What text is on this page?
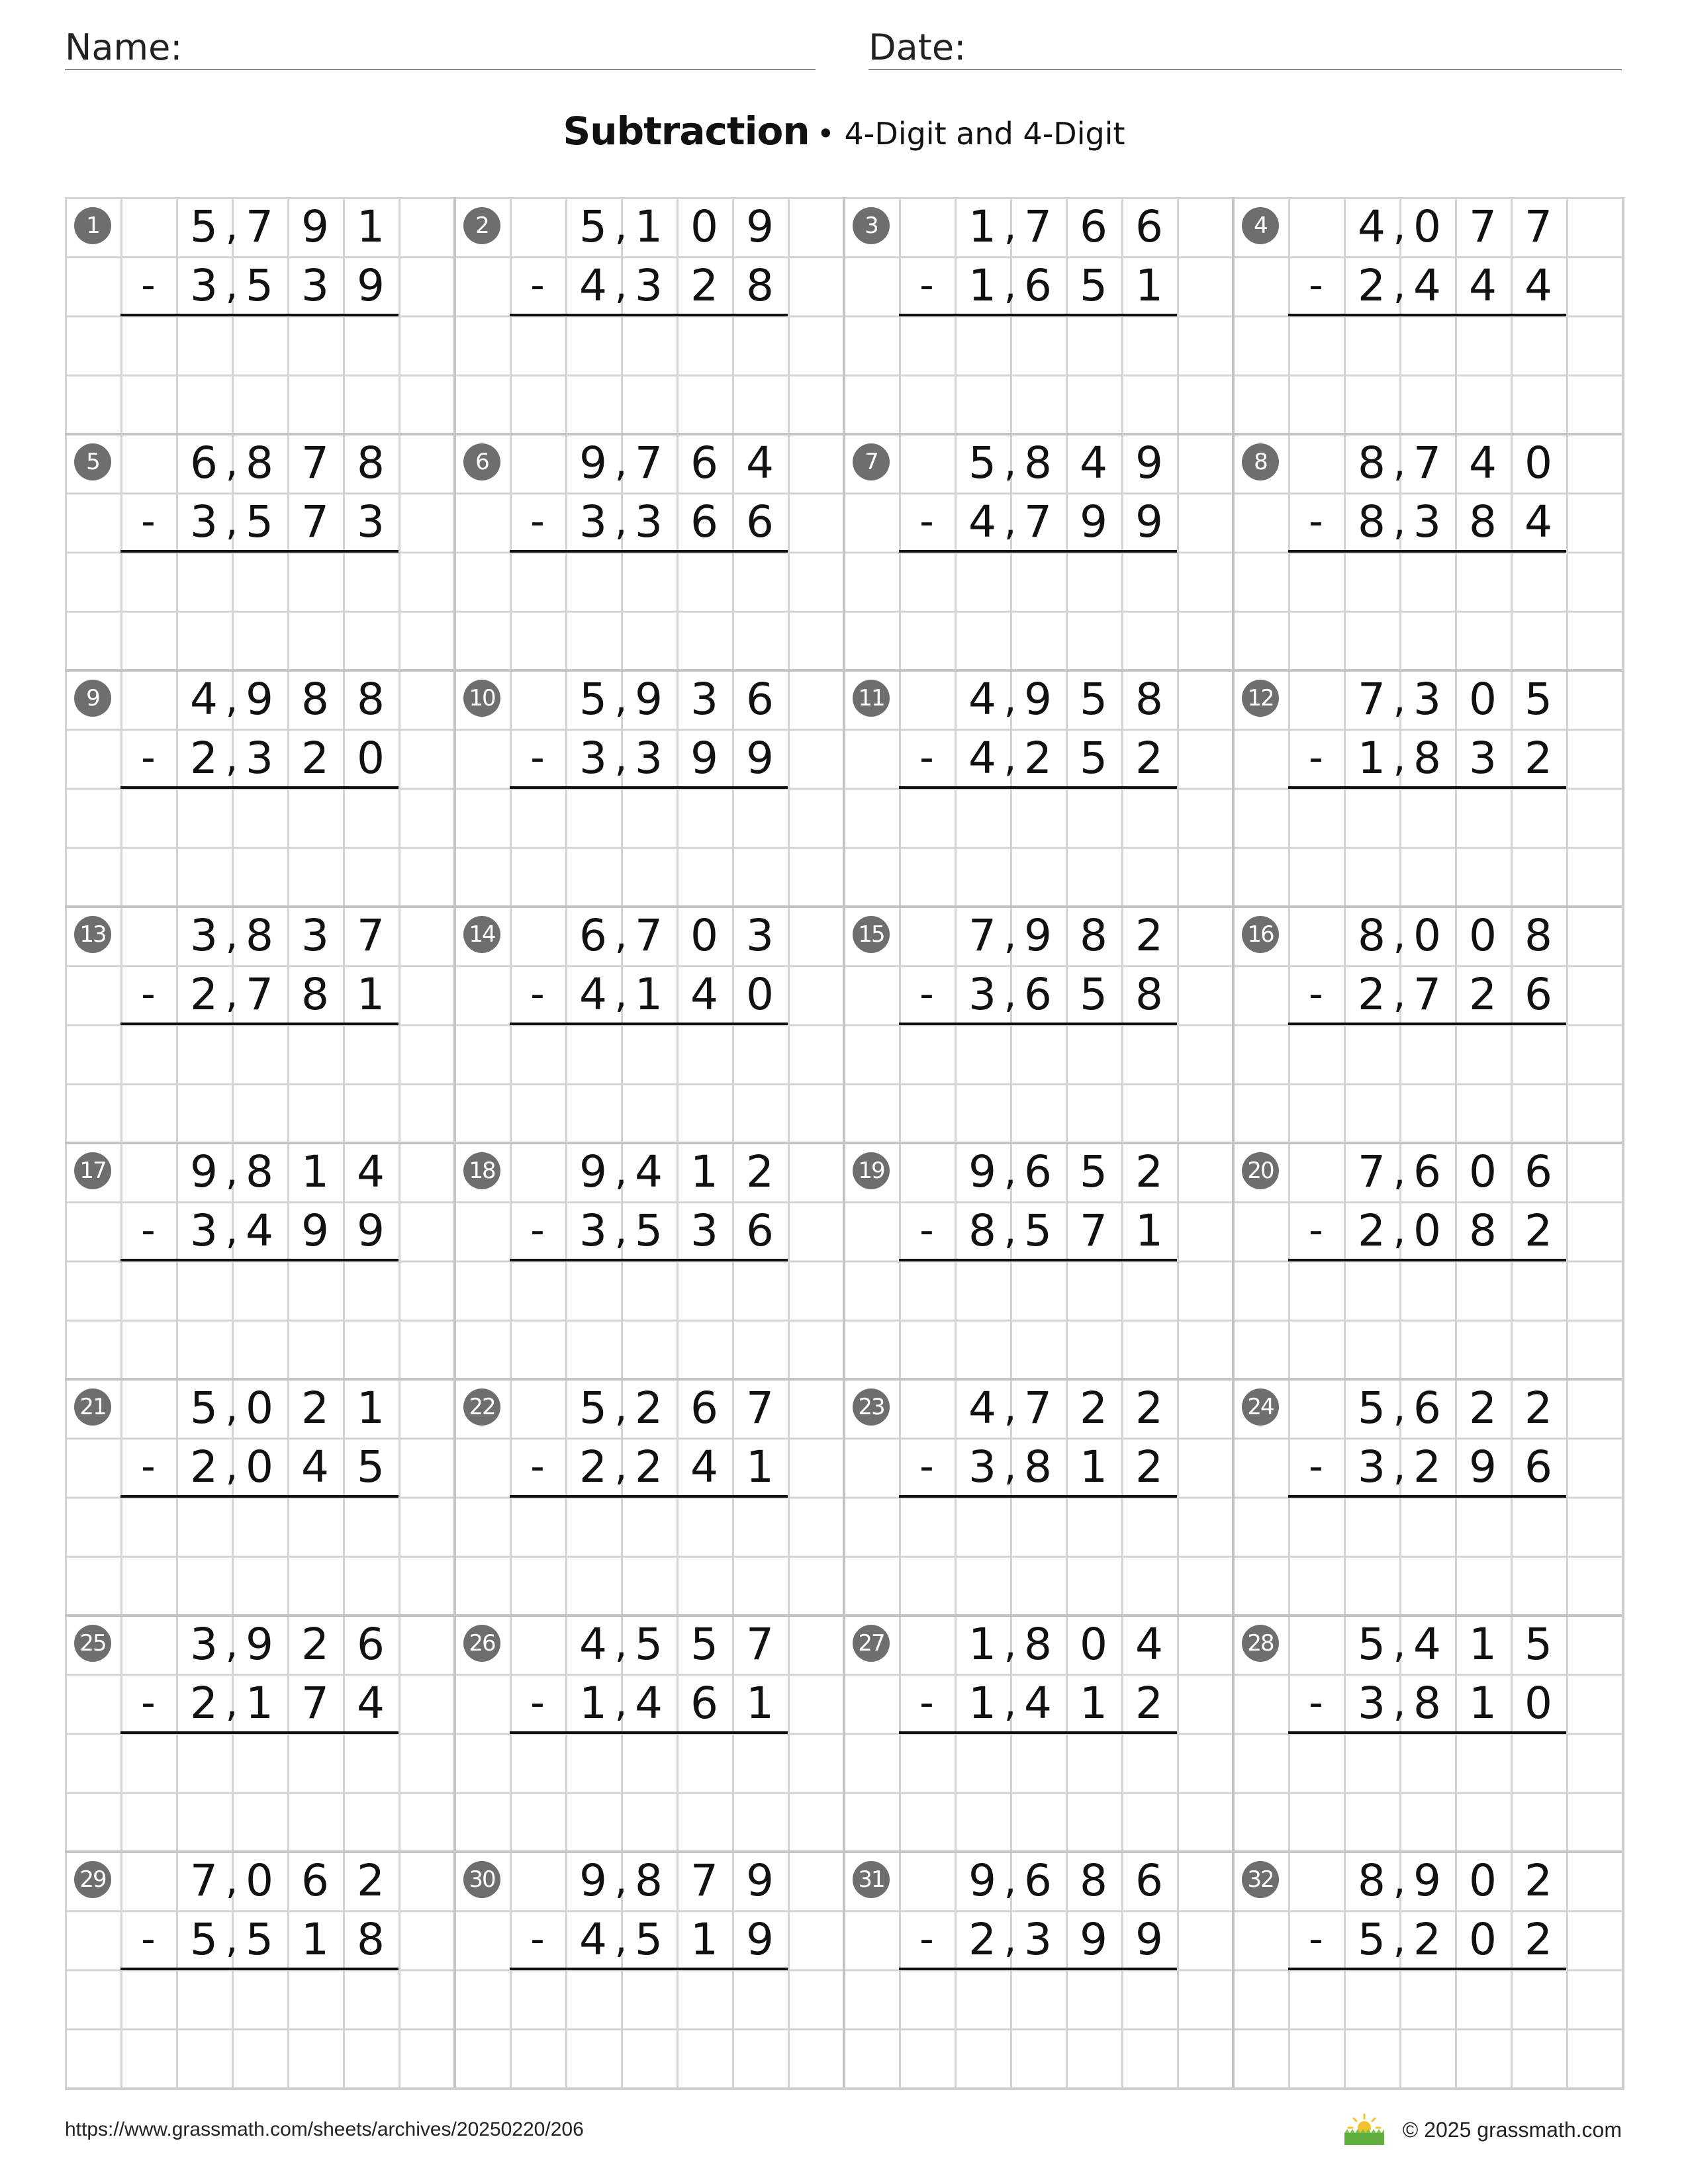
Name:	Date:
Subtraction • 4-Digit and 4-Digit
1	5 7 9 1
,
3 5 3 9
,
-
2	5 1 0 9
,
4 3 2 8
,
-
3	1 7 6 6
,
1 6 5 1
,
-
4	4 0 7 7
,
2 4 4 4
,
-
5	6 8 7 8
,
3 5 7 3
,
-
6	9 7 6 4
,
3 3 6 6
,
-
7	5 8 4 9
,
4 7 9 9
,
-
8	8 7 4 0
,
8 3 8 4
,
-
9	4 9 8 8
,
2 3 2 0
,
-
10	5 9 3 6
,
3 3 9 9
,
-
11	4 9 5 8
,
4 2 5 2
,
-
12	7 3 0 5
,
1 8 3 2
,
-
13	3 8 3 7
,
2 7 8 1
,
-
14	6 7 0 3
,
4 1 4 0
,
-
15	7 9 8 2
,
3 6 5 8
,
-
16	8 0 0 8
,
2 7 2 6
,
-
17	9 8 1 4
,
3 4 9 9
,
-
18	9 4 1 2
,
3 5 3 6
,
-
19	9 6 5 2
,
8 5 7 1
,
-
20	7 6 0 6
,
2 0 8 2
,
-
21	5 0 2 1
,
2 0 4 5
,
-
22	5 2 6 7
,
2 2 4 1
,
-
23	4 7 2 2
,
3 8 1 2
,
-
24	5 6 2 2
,
3 2 9 6
,
-
25	3 9 2 6
,
2 1 7 4
,
-
26	4 5 5 7
,
1 4 6 1
,
-
27	1 8 0 4
,
1 4 1 2
,
-
28	5 4 1 5
,
3 8 1 0
,
-
29	7 0 6 2
,
5 5 1 8
,
-
30	9 8 7 9
,
4 5 1 9
,
-
31	9 6 8 6
,
2 3 9 9
,
-
32	8 9 0 2
,
5 2 0 2
,
-
https://www.grassmath.com/sheets/archives/20250220/206	© 2025 grassmath.com
